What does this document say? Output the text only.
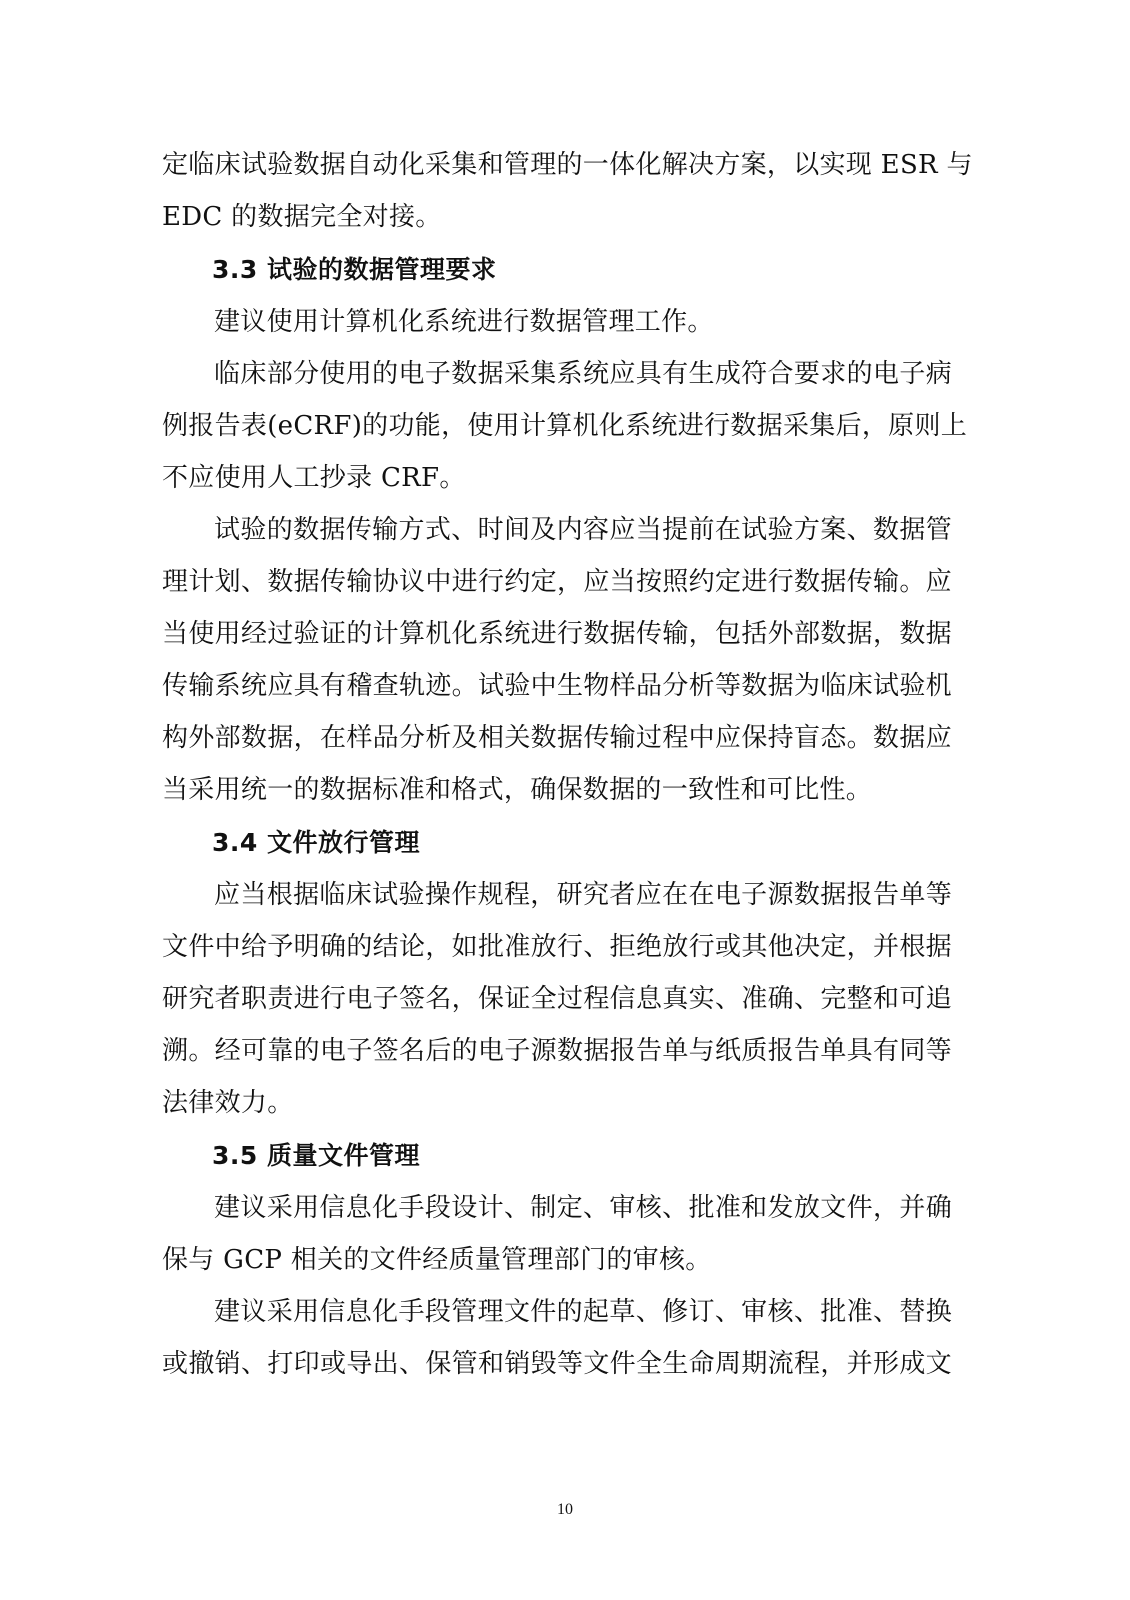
定临床试验数据自动化采集和管理的一体化解决方案，以实现 ESR 与
EDC 的数据完全对接。
3.3 试验的数据管理要求
建议使用计算机化系统进行数据管理工作。
临床部分使用的电子数据采集系统应具有生成符合要求的电子病
例报告表(eCRF)的功能，使用计算机化系统进行数据采集后，原则上
不应使用人工抄录 CRF。
试验的数据传输方式、时间及内容应当提前在试验方案、数据管
理计划、数据传输协议中进行约定，应当按照约定进行数据传输。应
当使用经过验证的计算机化系统进行数据传输，包括外部数据，数据
传输系统应具有稽查轨迹。试验中生物样品分析等数据为临床试验机
构外部数据，在样品分析及相关数据传输过程中应保持盲态。数据应
当采用统一的数据标准和格式，确保数据的一致性和可比性。
3.4 文件放行管理
应当根据临床试验操作规程，研究者应在在电子源数据报告单等
文件中给予明确的结论，如批准放行、拒绝放行或其他决定，并根据
研究者职责进行电子签名，保证全过程信息真实、准确、完整和可追
溯。经可靠的电子签名后的电子源数据报告单与纸质报告单具有同等
法律效力。
3.5 质量文件管理
建议采用信息化手段设计、制定、审核、批准和发放文件，并确
保与 GCP 相关的文件经质量管理部门的审核。
建议采用信息化手段管理文件的起草、修订、审核、批准、替换
或撤销、打印或导出、保管和销毁等文件全生命周期流程，并形成文
10
